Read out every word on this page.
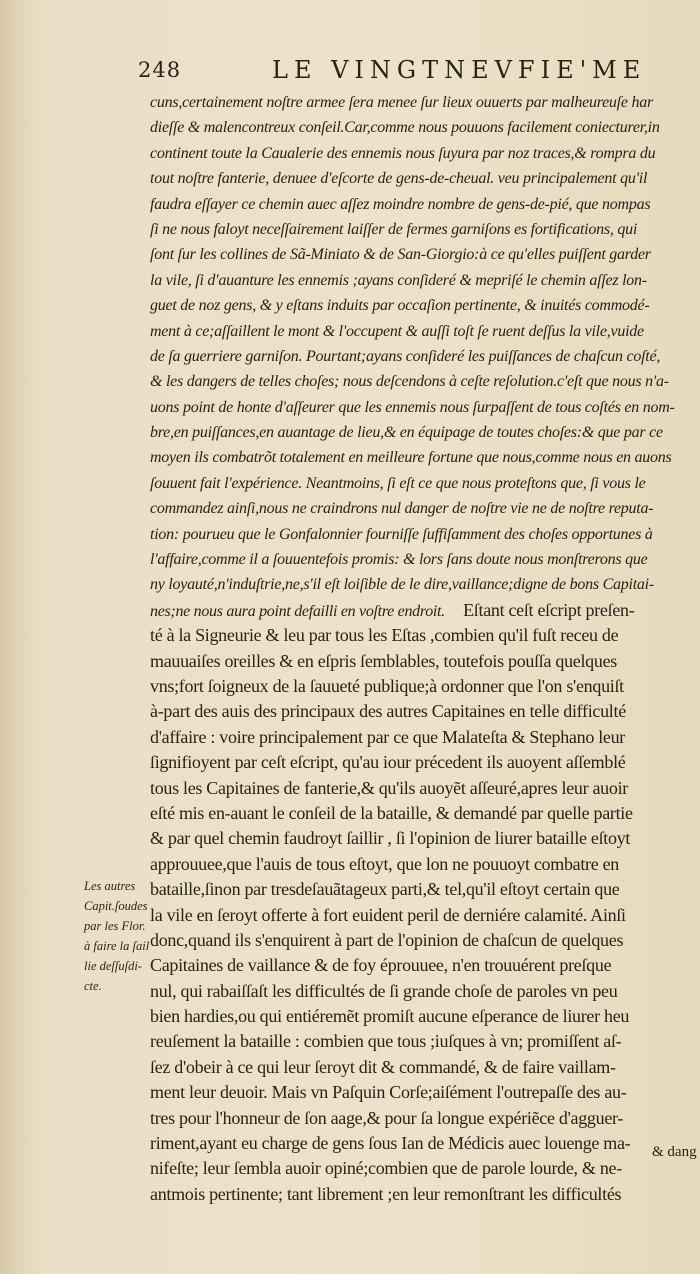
248	LE VINGTNEVFIE'ME
cuns,certainement noſtre armee ſera menee ſur lieux ouuerts par malheureuſe har
dieſſe & malencontreux conſeil.Car,comme nous pouuons facilement coniecturer,in
continent toute la Caualerie des ennemis nous ſuyura par noz traces,& rompra du
tout noſtre fanterie, denuee d'eſcorte de gens-de-cheual. veu principalement qu'il
faudra eſſayer ce chemin auec aſſez moindre nombre de gens-de-pié, que nompas
ſi ne nous faloyt neceſſairement laiſſer de fermes garniſons es fortifications, qui
ſont ſur les collines de Sã-Miniato & de San-Giorgio:à ce qu'elles puiſſent garder
la vile, ſi d'auanture les ennemis ;ayans conſideré & mepriſé le chemin aſſez lon-
guet de noz gens, & y eſtans induits par occaſion pertinente, & inuités commodé-
ment à ce;aſſaillent le mont & l'occupent & auſſi toſt ſe ruent deſſus la vile,vuide
de ſa guerriere garniſon. Pourtant;ayans conſideré les puiſſances de chaſcun coſté,
& les dangers de telles choſes; nous deſcendons à ceſte reſolution.c'eſt que nous n'a-
uons point de honte d'aſſeurer que les ennemis nous ſurpaſſent de tous coſtés en nom-
bre,en puiſſances,en auantage de lieu,& en équipage de toutes choſes:& que par ce
moyen ils combatrõt totalement en meilleure fortune que nous,comme nous en auons
ſouuent fait l'expérience. Neantmoins, ſi eſt ce que nous proteſtons que, ſi vous le
commandez ainſi,nous ne craindrons nul danger de noſtre vie ne de noſtre reputa-
tion: pourueu que le Gonfalonnier fourniſſe ſuffiſamment des choſes opportunes à
l'affaire,comme il a ſouuentefois promis: & lors ſans doute nous monſtrerons que
ny loyauté,n'induſtrie,ne,s'il eſt loiſible de le dire,vaillance;digne de bons Capitai-
nes;ne nous aura point defailli en voſtre endroit. Eſtant ceſt eſcript preſen-
té à la Signeurie & leu par tous les Eſtas ,combien qu'il fuſt receu de
mauuaiſes oreilles & en eſpris ſemblables, toutefois pouſſa quelques
vns;fort ſoigneux de la ſauueté publique;à ordonner que l'on s'enquiſt
à-part des auis des principaux des autres Capitaines en telle difficulté
d'affaire : voire principalement par ce que Malateſta & Stephano leur
ſignifioyent par ceſt eſcript, qu'au iour précedent ils auoyent aſſemblé
tous les Capitaines de fanterie,& qu'ils auoyẽt aſſeuré,apres leur auoir
eſté mis en-auant le conſeil de la bataille, & demandé par quelle partie
& par quel chemin faudroyt ſaillir , ſi l'opinion de liurer bataille eſtoyt
approuuee,que l'auis de tous eſtoyt, que lon ne pouuoyt combatre en
bataille,ſinon par tresdeſauãtageux parti,& tel,qu'il eſtoyt certain que
la vile en ſeroyt offerte à fort euident peril de derniére calamité. Ainſi
donc,quand ils s'enquirent à part de l'opinion de chaſcun de quelques
Capitaines de vaillance & de foy éprouuee, n'en trouuérent preſque
nul, qui rabaiſſaſt les difficultés de ſi grande choſe de paroles vn peu
bien hardies,ou qui entiéremẽt promiſt aucune eſperance de liurer heu
reuſement la bataille : combien que tous ;iuſques à vn; promiſſent aſ-
ſez d'obeir à ce qui leur ſeroyt dit & commandé, & de faire vaillam-
ment leur deuoir. Mais vn Paſquin Corſe;aiſément l'outrepaſſe des au-
tres pour l'honneur de ſon aage,& pour ſa longue expériẽce d'agguer-
riment,ayant eu charge de gens ſous Ian de Médicis auec louenge ma-
nifeſte; leur ſembla auoir opiné;combien que de parole lourde, & ne-
antmois pertinente; tant librement ;en leur remonſtrant les difficultés
Les autres
Capit.ſoudes
par les Flor.
à faire la ſail
lie deſſuſdi-
cte.
& dang
